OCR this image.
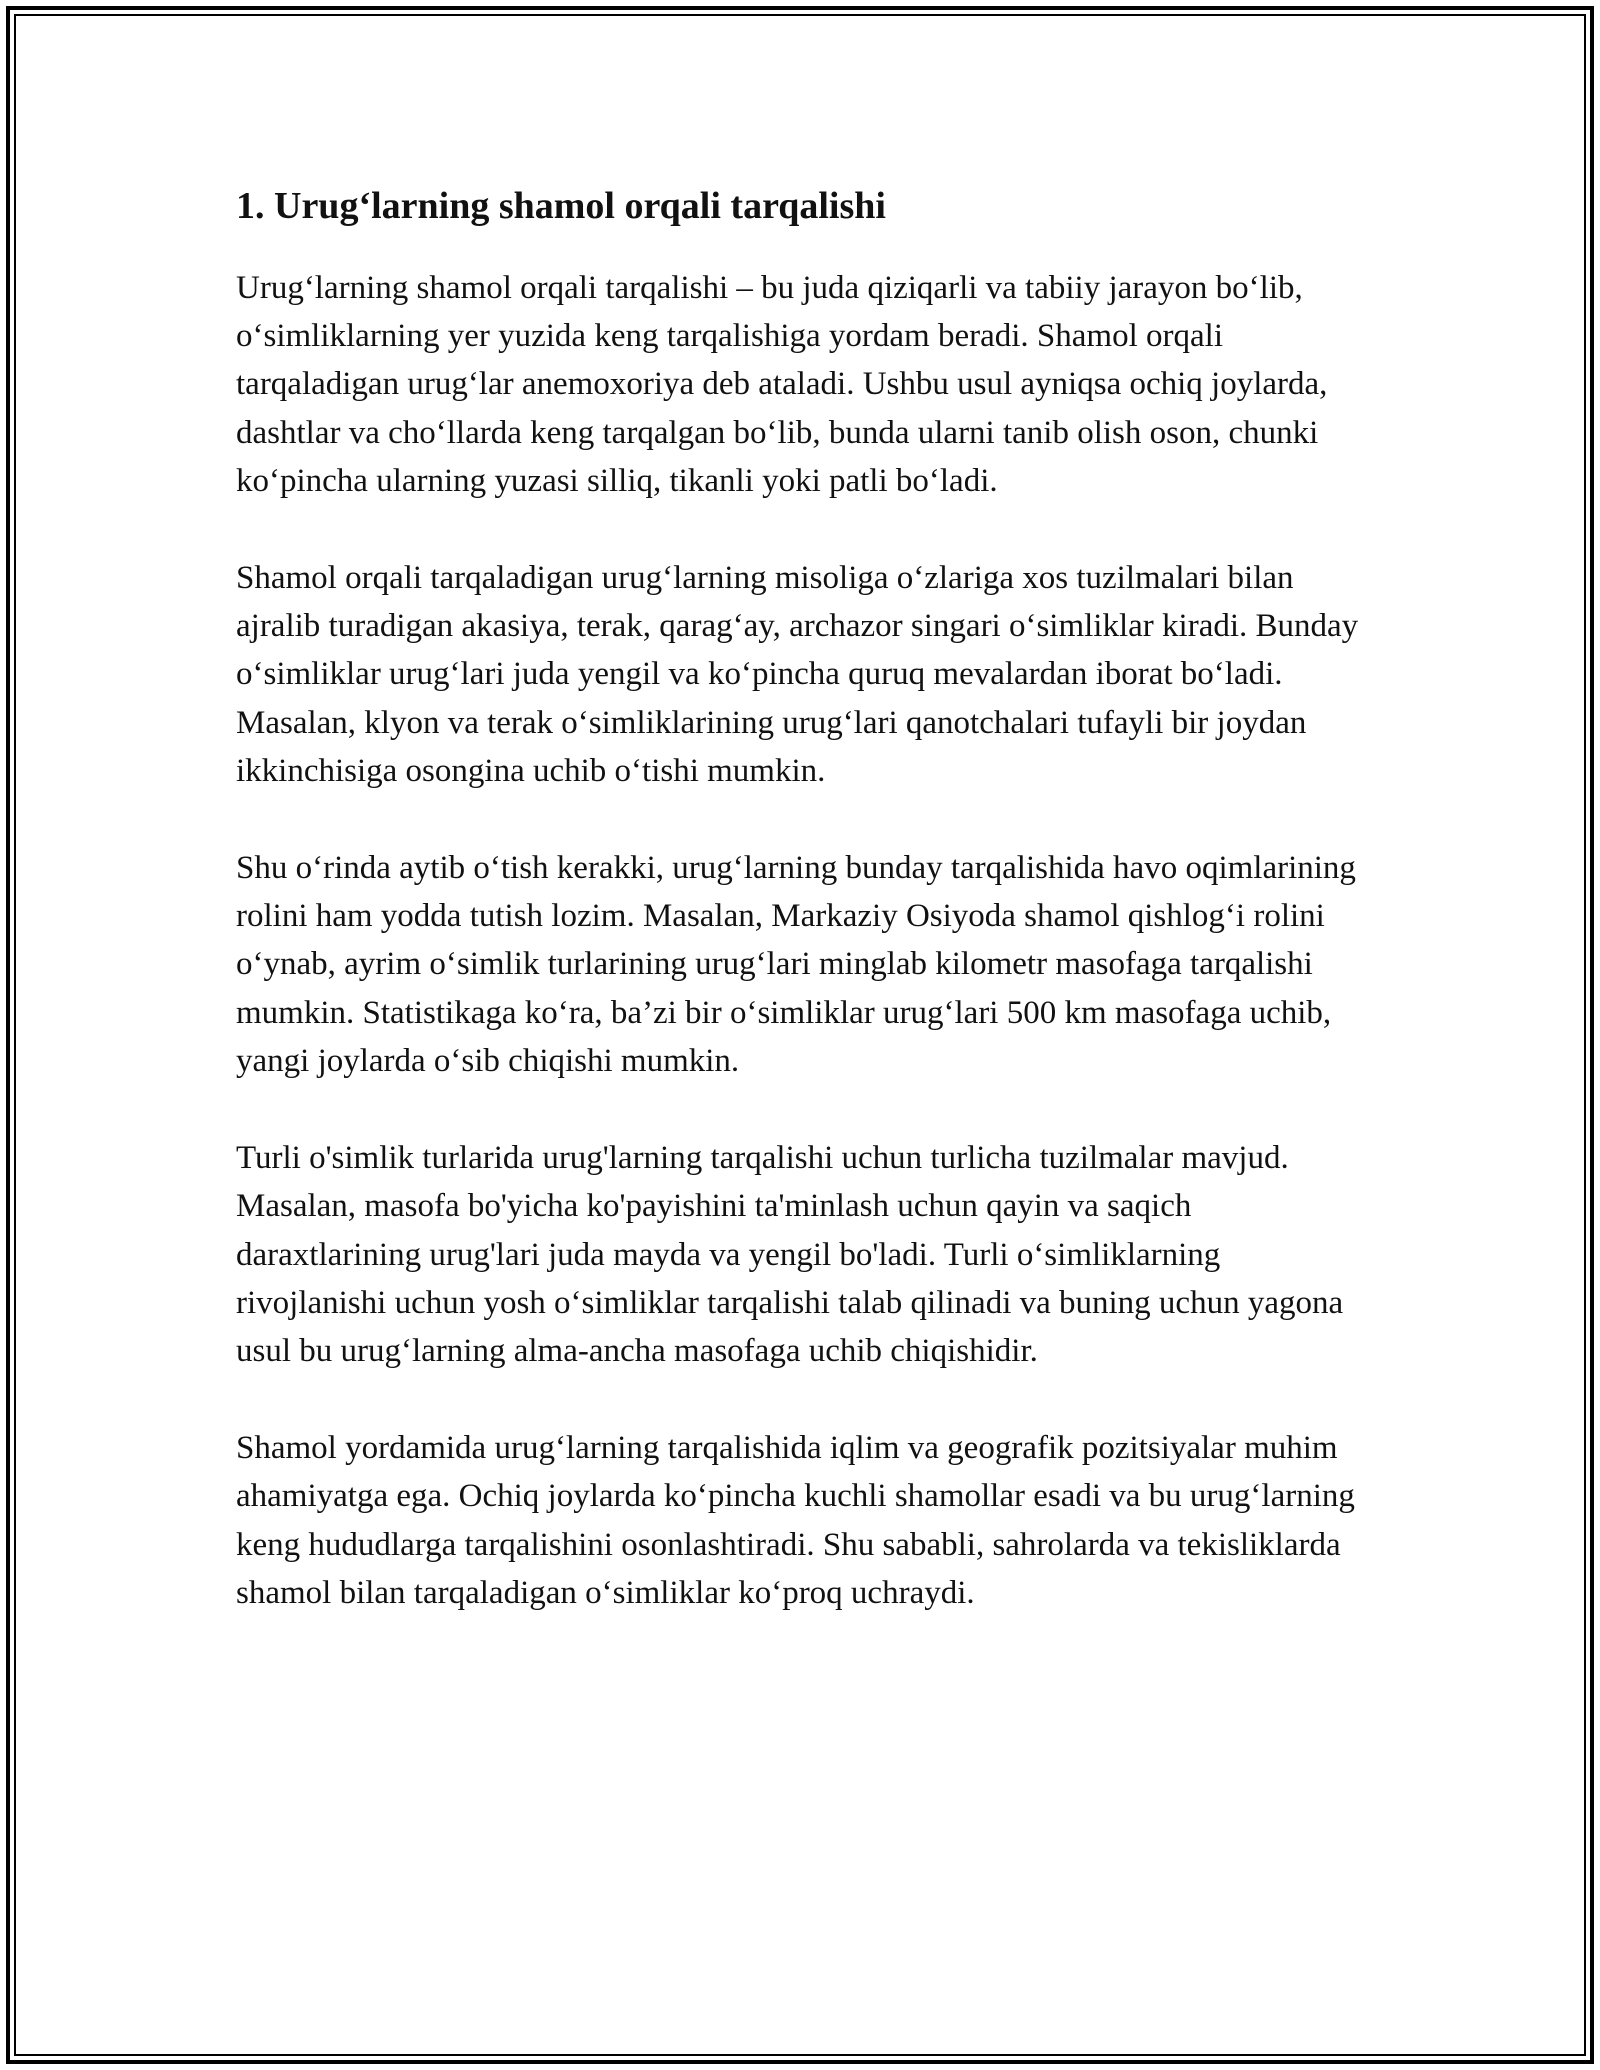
1. Urug‘larning shamol orqali tarqalishi

Urug‘larning shamol orqali tarqalishi – bu juda qiziqarli va tabiiy jarayon bo‘lib, o‘simliklarning yer yuzida keng tarqalishiga yordam beradi. Shamol orqali tarqaladigan urug‘lar anemoxoriya deb ataladi. Ushbu usul ayniqsa ochiq joylarda, dashtlar va cho‘llarda keng tarqalgan bo‘lib, bunda ularni tanib olish oson, chunki ko‘pincha ularning yuzasi silliq, tikanli yoki patli bo‘ladi.

Shamol orqali tarqaladigan urug‘larning misoliga o‘zlariga xos tuzilmalari bilan ajralib turadigan akasiya, terak, qarag‘ay, archazor singari o‘simliklar kiradi. Bunday o‘simliklar urug‘lari juda yengil va ko‘pincha quruq mevalardan iborat bo‘ladi. Masalan, klyon va terak o‘simliklarining urug‘lari qanotchalari tufayli bir joydan ikkinchisiga osongina uchib o‘tishi mumkin.

Shu o‘rinda aytib o‘tish kerakki, urug‘larning bunday tarqalishida havo oqimlarining rolini ham yodda tutish lozim. Masalan, Markaziy Osiyoda shamol qishlog‘i rolini o‘ynab, ayrim o‘simlik turlarining urug‘lari minglab kilometr masofaga tarqalishi mumkin. Statistikaga ko‘ra, ba’zi bir o‘simliklar urug‘lari 500 km masofaga uchib, yangi joylarda o‘sib chiqishi mumkin.

Turli o'simlik turlarida urug'larning tarqalishi uchun turlicha tuzilmalar mavjud. Masalan, masofa bo'yicha ko'payishini ta'minlash uchun qayin va saqich daraxtlarining urug'lari juda mayda va yengil bo'ladi. Turli o‘simliklarning rivojlanishi uchun yosh o‘simliklar tarqalishi talab qilinadi va buning uchun yagona usul bu urug‘larning alma-ancha masofaga uchib chiqishidir.

Shamol yordamida urug‘larning tarqalishida iqlim va geografik pozitsiyalar muhim ahamiyatga ega. Ochiq joylarda ko‘pincha kuchli shamollar esadi va bu urug‘larning keng hududlarga tarqalishini osonlashtiradi. Shu sababli, sahrolarda va tekisliklarda shamol bilan tarqaladigan o‘simliklar ko‘proq uchraydi.
